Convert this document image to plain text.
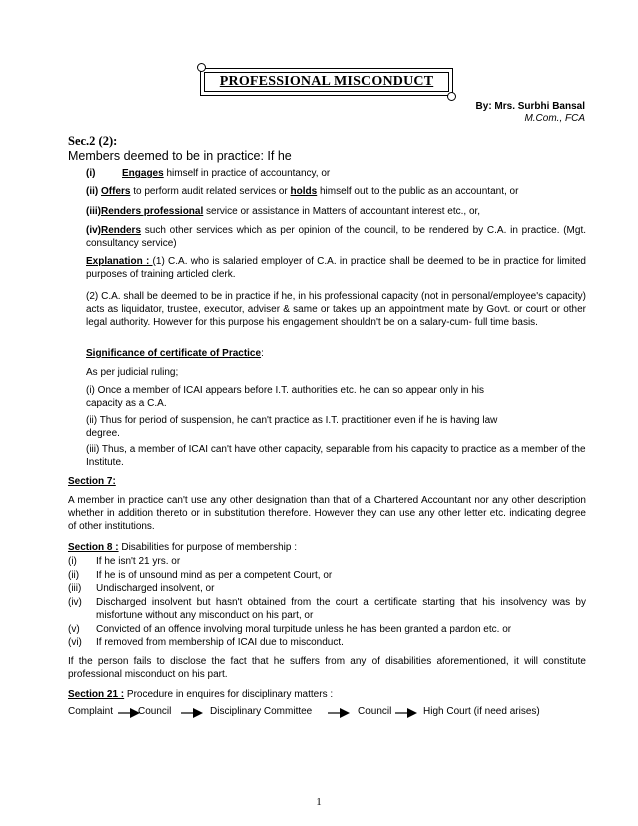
PROFESSIONAL MISCONDUCT
By: Mrs. Surbhi Bansal
M.Com., FCA
Sec.2 (2):
Members deemed to be in practice: If he
(i)	Engages himself in practice of accountancy, or
(ii) Offers to perform audit related services or holds himself out to the public as an accountant, or
(iii)Renders professional service or assistance in Matters of accountant interest etc., or,
(iv)Renders such other services which as per opinion of the council, to be rendered by C.A. in practice. (Mgt. consultancy service)
Explanation : (1) C.A. who is salaried employer of C.A. in practice shall be deemed to be in practice for limited purposes of training articled clerk.
(2) C.A. shall be deemed to be in practice if he, in his professional capacity (not in personal/employee's capacity) acts as liquidator, trustee, executor, adviser & same or takes up an appointment mate by Govt. or court or other legal authority. However for this purpose his engagement shouldn't be on a salary-cum- full time basis.
Significance of certificate of Practice:
As per judicial ruling;
(i) Once a member of ICAI appears before I.T. authorities etc. he can so appear only in his capacity as a C.A.
(ii) Thus for period of suspension, he can't practice as I.T. practitioner even if he is having law degree.
(iii) Thus, a member of ICAI can't have other capacity, separable from his capacity to practice as a member of the Institute.
Section 7:
A member in practice can't use any other designation than that of a Chartered Accountant nor any other description whether in addition thereto or in substitution therefore. However they can use any other letter etc. indicating degree of other institutions.
Section 8 : Disabilities for purpose of membership :
(i) If he isn't 21 yrs. or
(ii) If he is of unsound mind as per a competent Court, or
(iii) Undischarged insolvent, or
(iv) Discharged insolvent but hasn't obtained from the court a certificate starting that his insolvency was by misfortune without any misconduct on his part, or
(v) Convicted of an offence involving moral turpitude unless he has been granted a pardon etc. or
(vi) If removed from membership of ICAI due to misconduct.
If the person fails to disclose the fact that he suffers from any of disabilities aforementioned, it will constitute professional misconduct on his part.
Section 21 : Procedure in enquires for disciplinary matters :
Complaint Council	Disciplinary Committee	Council	High Court (if need arises)
1
